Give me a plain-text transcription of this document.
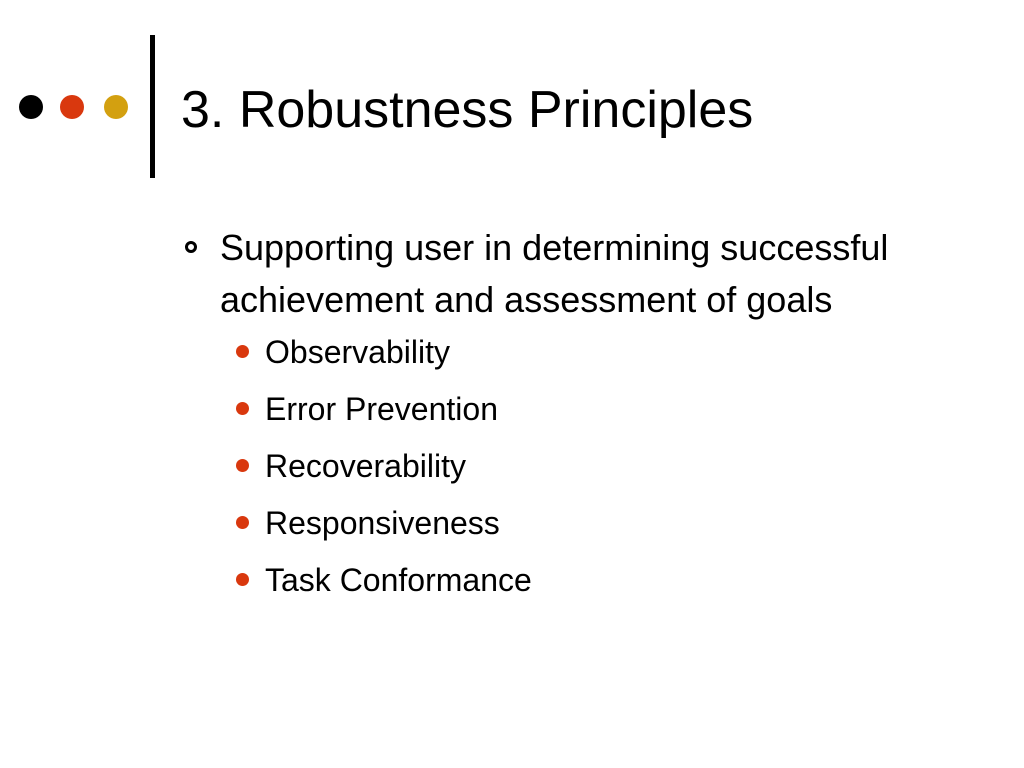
3. Robustness Principles
Supporting user in determining successful achievement and assessment of goals
Observability
Error Prevention
Recoverability
Responsiveness
Task Conformance
